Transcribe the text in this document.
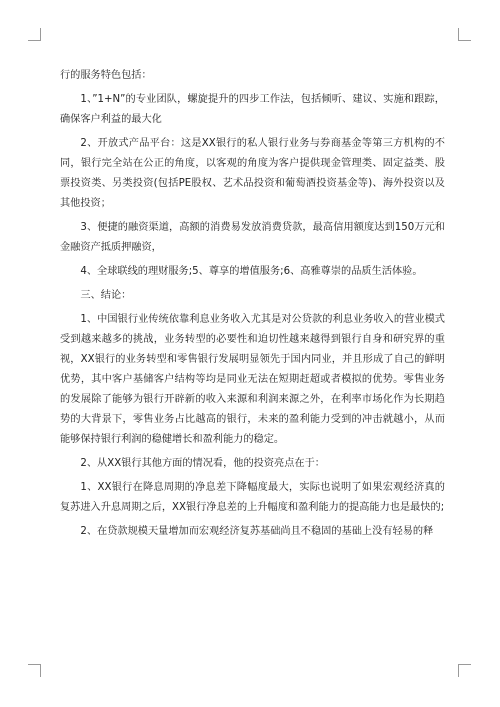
行的服务特色包括：

1、”1+N”的专业团队，螺旋提升的四步工作法，包括倾听、建议、实施和跟踪，确保客户利益的最大化

2、开放式产品平台：这是XX银行的私人银行业务与券商基金等第三方机构的不同，银行完全站在公正的角度，以客观的角度为客户提供现金管理类、固定益类、股票投资类、另类投资(包括PE股权、艺术品投资和葡萄酒投资基金等)、海外投资以及其他投资；

3、便捷的融资渠道，高额的消费易发放消费贷款，最高信用额度达到150万元和金融资产抵质押融资，

4、全球联线的理财服务;5、尊享的增值服务;6、高雅尊崇的品质生活体验。

三、结论：

1、中国银行业传统依靠利息业务收入尤其是对公贷款的利息业务收入的营业模式受到越来越多的挑战，业务转型的必要性和迫切性越来越得到银行自身和研究界的重视，XX银行的业务转型和零售银行发展明显领先于国内同业，并且形成了自己的鲜明优势，其中客户基储客户结构等均是同业无法在短期赶超或者模拟的优势。零售业务的发展除了能够为银行开辟新的收入来源和利润来源之外，在利率市场化作为长期趋势的大背景下，零售业务占比越高的银行，未来的盈利能力受到的冲击就越小，从而能够保持银行利润的稳健增长和盈利能力的稳定。

2、从XX银行其他方面的情况看，他的投资亮点在于：

1、XX银行在降息周期的净息差下降幅度最大，实际也说明了如果宏观经济真的复苏进入升息周期之后，XX银行净息差的上升幅度和盈利能力的提高能力也是最快的;

2、在贷款规模天量增加而宏观经济复苏基础尚且不稳固的基础上没有轻易的释
